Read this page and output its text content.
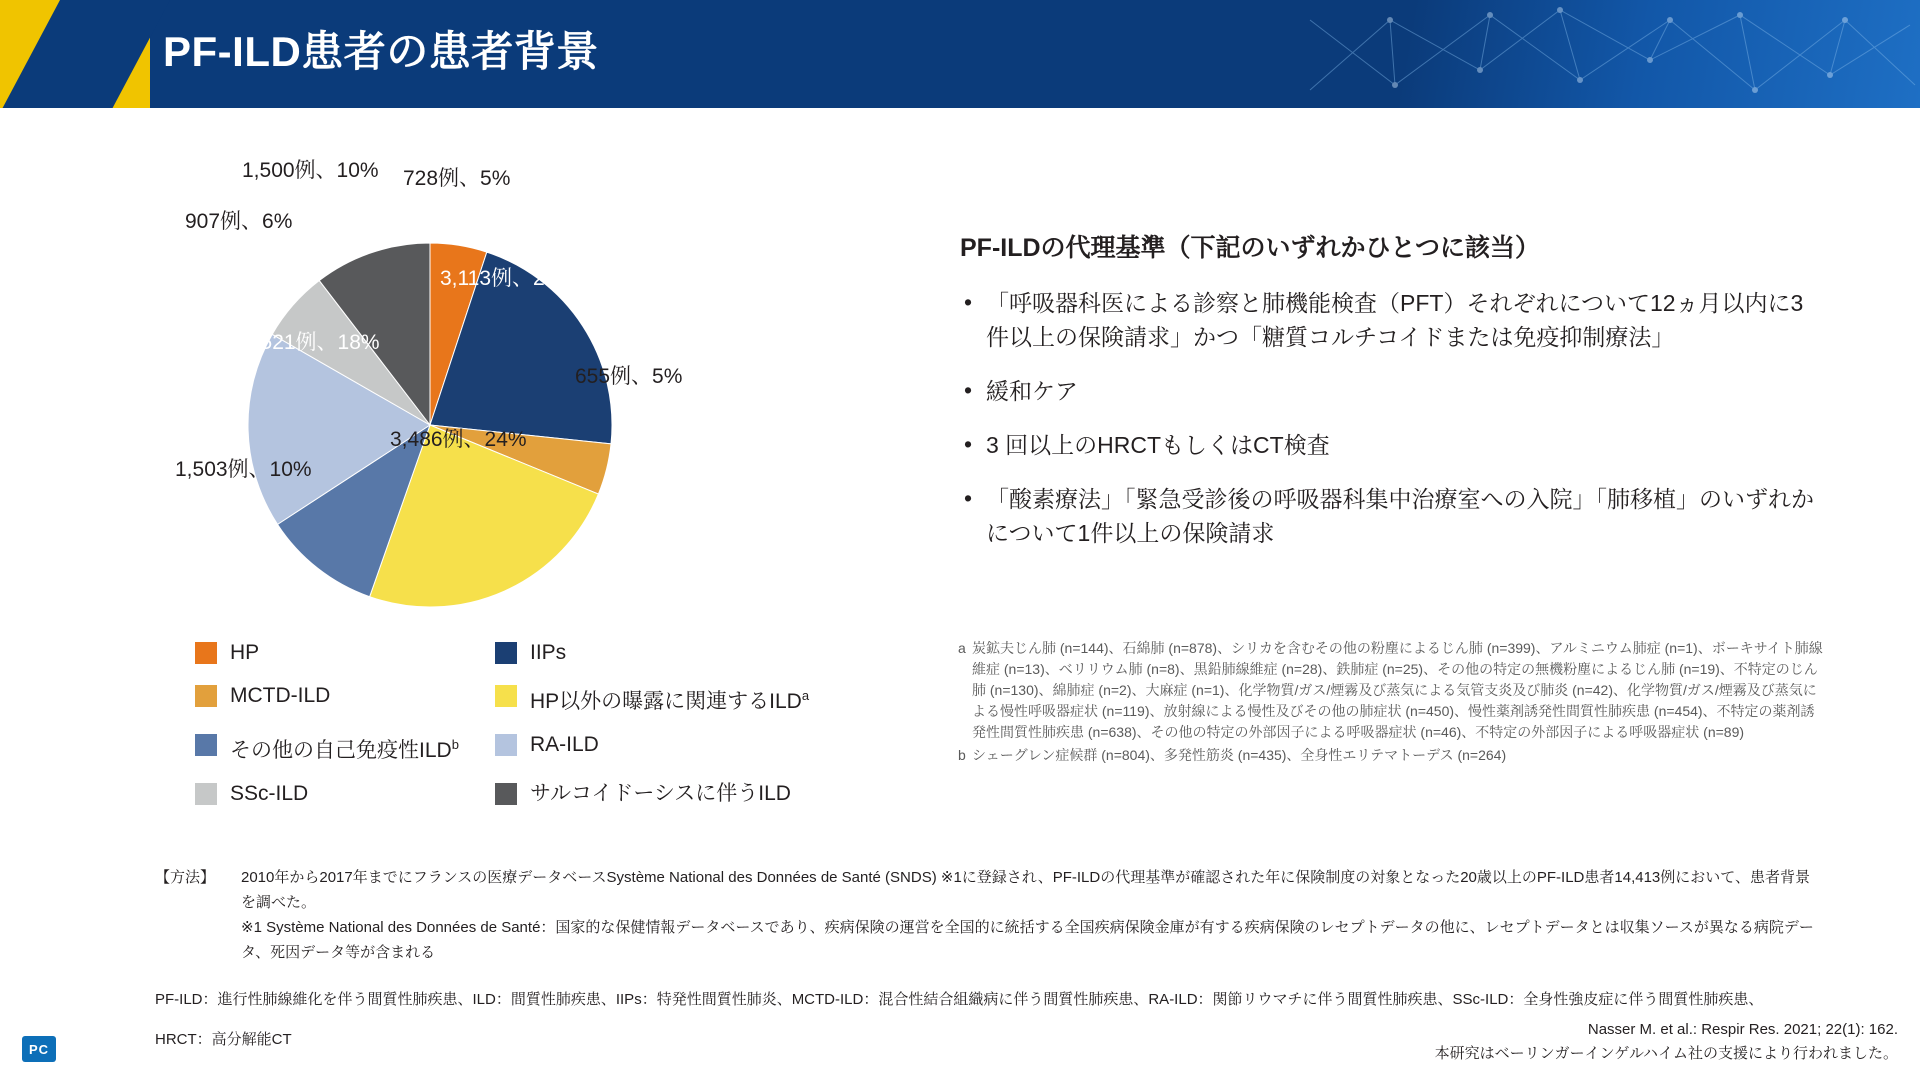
PF-ILD患者の患者背景
728例、5%
3,113例、22%
655例、5%
3,486例、24%
1,503例、10%
2,521例、18%
907例、6%
1,500例、10%
HP	IIPs
MCTD-ILD	HP以外の曝露に関連するILD$^a$
その他の自己免疫性ILD$^b$	RA-ILD
SSc-ILD	サルコイドーシスに伴うILD
PF-ILDの代理基準（下記のいずれかひとつに該当）
• 「呼吸器科医による診察と肺機能検査（PFT）それぞれについて12ヵ月以内に3件以上の保険請求」かつ「糖質コルチコイドまたは免疫抑制療法」
• 緩和ケア
• 3 回以上のHRCTもしくはCT検査
• 「酸素療法」「緊急受診後の呼吸器科集中治療室への入院」「肺移植」のいずれかについて1件以上の保険請求
a 炭鉱夫じん肺 (n=144)、石綿肺 (n=878)、シリカを含むその他の粉塵によるじん肺 (n=399)、アルミニウム肺症 (n=1)、ボーキサイト肺線維症 (n=13)、ベリリウム肺 (n=8)、黒鉛肺線維症 (n=28)、鉄肺症 (n=25)、その他の特定の無機粉塵によるじん肺 (n=19)、不特定のじん肺 (n=130)、綿肺症 (n=2)、大麻症 (n=1)、化学物質/ガス/煙霧及び蒸気による気管支炎及び肺炎 (n=42)、化学物質/ガス/煙霧及び蒸気による慢性呼吸器症状 (n=119)、放射線による慢性及びその他の肺症状 (n=450)、慢性薬剤誘発性間質性肺疾患 (n=454)、不特定の薬剤誘発性間質性肺疾患 (n=638)、その他の特定の外部因子による呼吸器症状 (n=46)、不特定の外部因子による呼吸器症状 (n=89)
b シェーグレン症候群 (n=804)、多発性筋炎 (n=435)、全身性エリテマトーデス (n=264)
【方法】	2010年から2017年までにフランスの医療データベースSystème National des Données de Santé (SNDS) ※1に登録され、PF-ILDの代理基準が確認された年に保険制度の対象となった20歳以上のPF-ILD患者14,413例において、患者背景を調べた。

※1 Système National des Données de Santé：国家的な保健情報データベースであり、疾病保険の運営を全国的に統括する全国疾病保険金庫が有する疾病保険のレセプトデータの他に、レセプトデータとは収集ソースが異なる病院データ、死因データ等が含まれる

PF-ILD：進行性肺線維化を伴う間質性肺疾患、ILD：間質性肺疾患、IIPs：特発性間質性肺炎、MCTD-ILD：混合性結合組織病に伴う間質性肺疾患、RA-ILD：関節リウマチに伴う間質性肺疾患、SSc-ILD：全身性強皮症に伴う間質性肺疾患、

HRCT：高分解能CT

Nasser M. et al.: Respir Res. 2021; 22(1): 162.
本研究はベーリンガーインゲルハイム社の支援により行われました。
PC
